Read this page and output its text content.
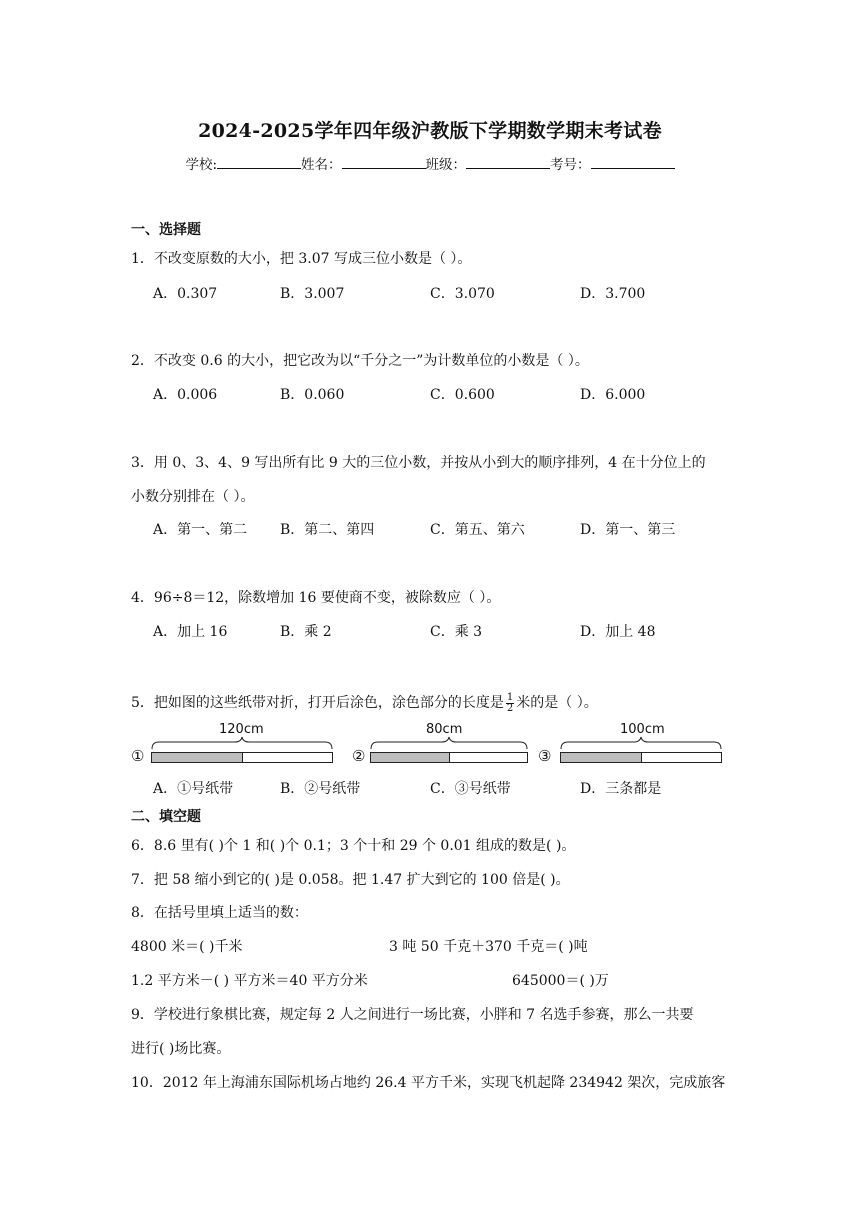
2024-2025学年四年级沪教版下学期数学期末考试卷
学校:	姓名：	班级：	考号：
一、选择题
1．不改变原数的大小，把 3.07 写成三位小数是（ ）。
A．0.307	B．3.007	C．3.070	D．3.700
2．不改变 0.6 的大小，把它改为以“千分之一”为计数单位的小数是（ ）。
A．0.006	B．0.060	C．0.600	D．6.000
3．用 0、3、4、9 写出所有比 9 大的三位小数，并按从小到大的顺序排列，4 在十分位上的
小数分别排在（ ）。
A．第一、第二 B．第二、第四	C．第五、第六	D．第一、第三
4．96÷8＝12，除数增加 16 要使商不变，被除数应（ ）。
A．加上 16	B．乘 2	C．乘 3	D．加上 48
5．把如图的这些纸带对折，打开后涂色，涂色部分的长度是 $\frac{1}{2}$ 米的是（ ）。
①
120cm
②
80cm
③
100cm
A．①号纸带	B．②号纸带	C．③号纸带	D．三条都是
二、填空题
6．8.6 里有( )个 1 和( )个 0.1；3 个十和 29 个 0.01 组成的数是( )。
7．把 58 缩小到它的( )是 0.058。把 1.47 扩大到它的 100 倍是( )。
8．在括号里填上适当的数：
4800 米＝( )千米	3 吨 50 千克＋370 千克＝( )吨
1.2 平方米－( ) 平方米＝40 平方分米	645000＝( )万
9．学校进行象棋比赛，规定每 2 人之间进行一场比赛，小胖和 7 名选手参赛，那么一共要
进行( )场比赛。
10．2012 年上海浦东国际机场占地约 26.4 平方千米，实现飞机起降 234942 架次，完成旅客
